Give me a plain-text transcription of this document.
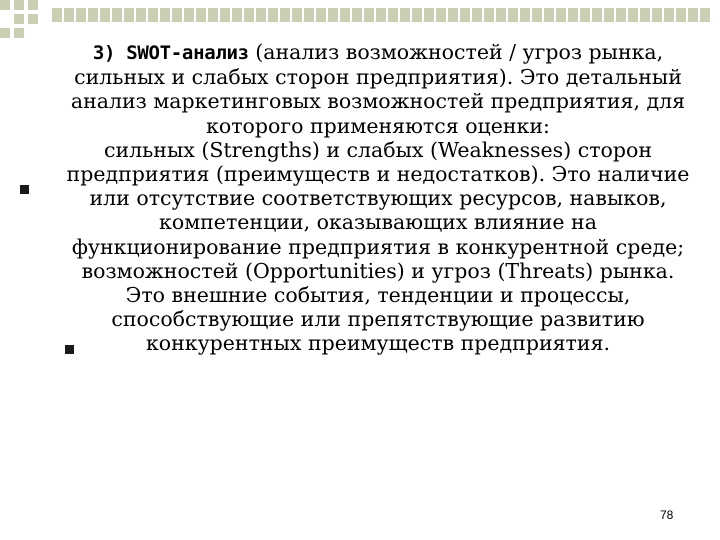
3) SWOT-анализ (анализ возможностей / угроз рынка, сильных и слабых сторон предприятия). Это детальный анализ маркетинговых возможностей предприятия, для которого применяются оценки:

сильных (Strengths) и слабых (Weaknesses) сторон предприятия (преимуществ и недостатков). Это наличие или отсутствие соответствующих ресурсов, навыков, компетенции, оказывающих влияние на функционирование предприятия в конкурентной среде;

возможностей (Opportunities) и угроз (Threats) рынка. Это внешние события, тенденции и процессы, способствующие или препятствующие развитию конкурентных преимуществ предприятия.

78
